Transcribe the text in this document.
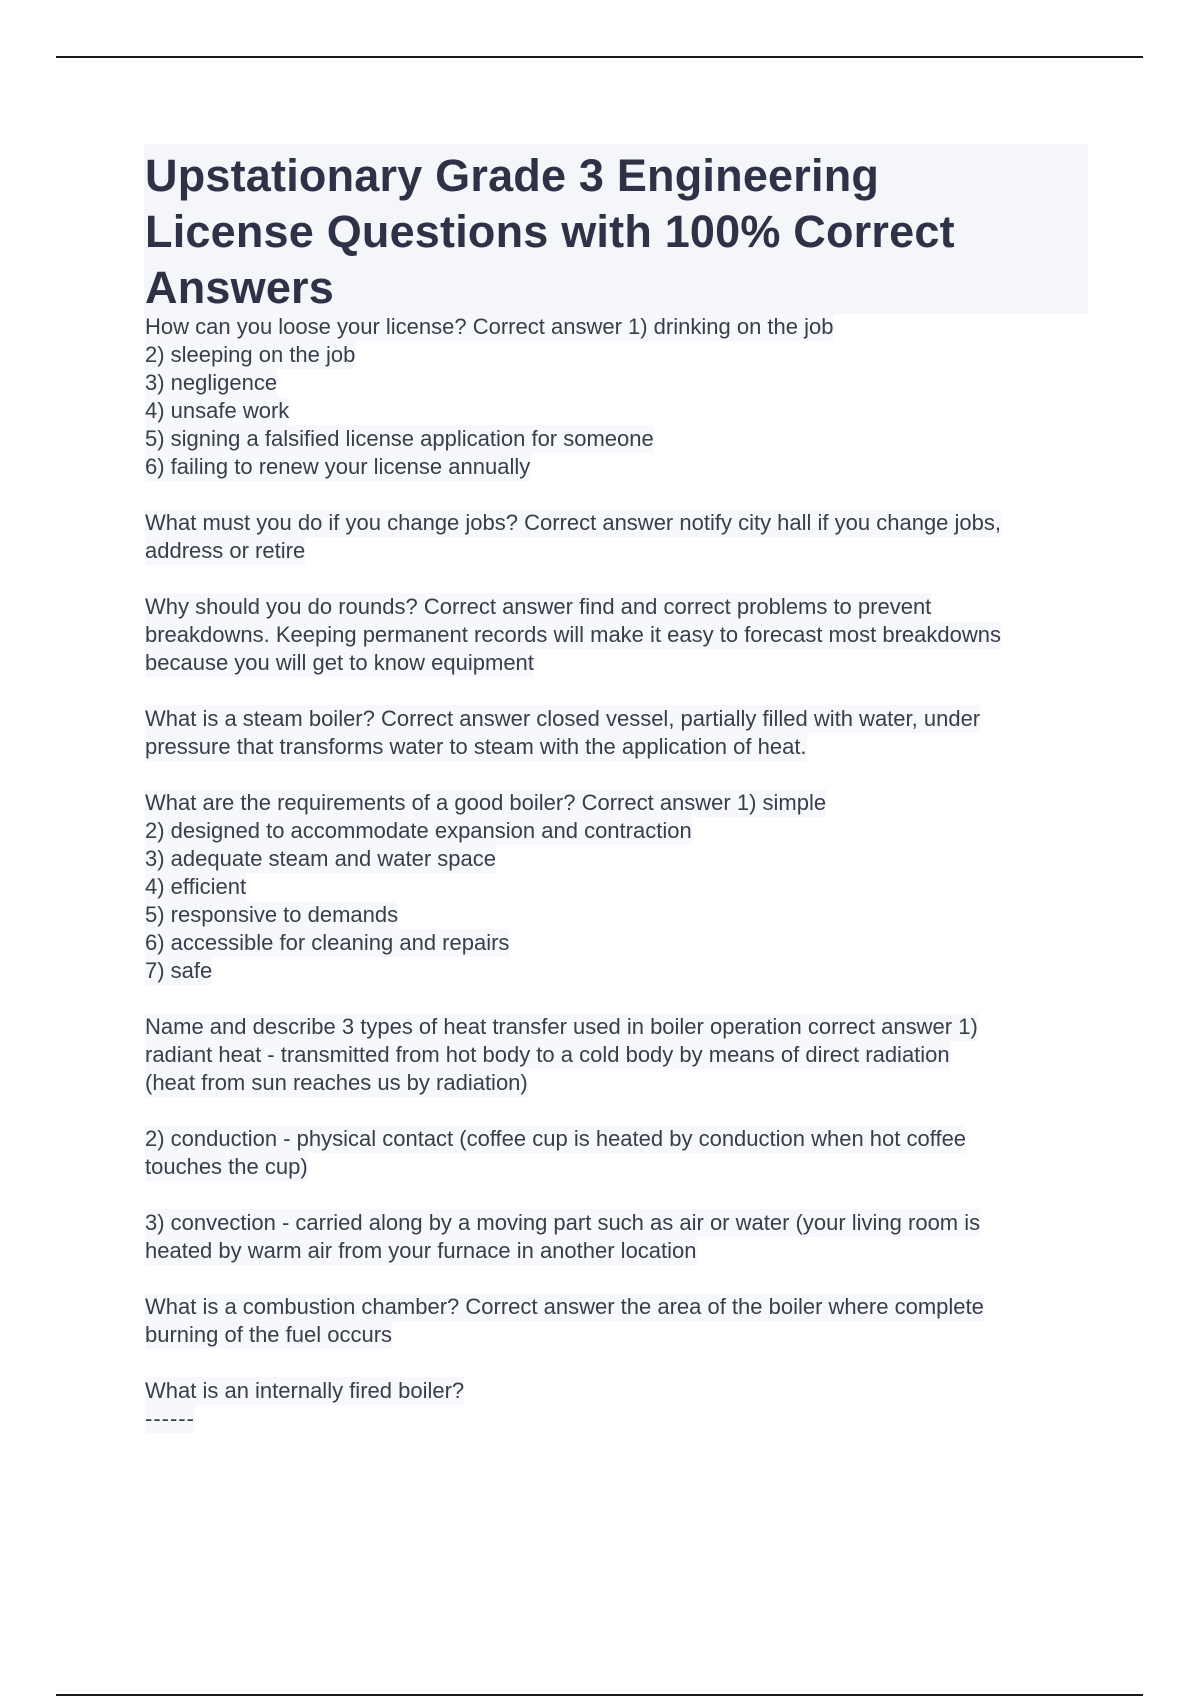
Upstationary Grade 3 Engineering
License Questions with 100% Correct
Answers
How can you loose your license? Correct answer 1) drinking on the job
2) sleeping on the job
3) negligence
4) unsafe work
5) signing a falsified license application for someone
6) failing to renew your license annually
What must you do if you change jobs? Correct answer notify city hall if you change jobs,
address or retire
Why should you do rounds? Correct answer find and correct problems to prevent
breakdowns. Keeping permanent records will make it easy to forecast most breakdowns
because you will get to know equipment
What is a steam boiler? Correct answer closed vessel, partially filled with water, under
pressure that transforms water to steam with the application of heat.
What are the requirements of a good boiler? Correct answer 1) simple
2) designed to accommodate expansion and contraction
3) adequate steam and water space
4) efficient
5) responsive to demands
6) accessible for cleaning and repairs
7) safe
Name and describe 3 types of heat transfer used in boiler operation correct answer 1)
radiant heat - transmitted from hot body to a cold body by means of direct radiation
(heat from sun reaches us by radiation)
2) conduction - physical contact (coffee cup is heated by conduction when hot coffee
touches the cup)
3) convection - carried along by a moving part such as air or water (your living room is
heated by warm air from your furnace in another location
What is a combustion chamber? Correct answer the area of the boiler where complete
burning of the fuel occurs
What is an internally fired boiler?
------
